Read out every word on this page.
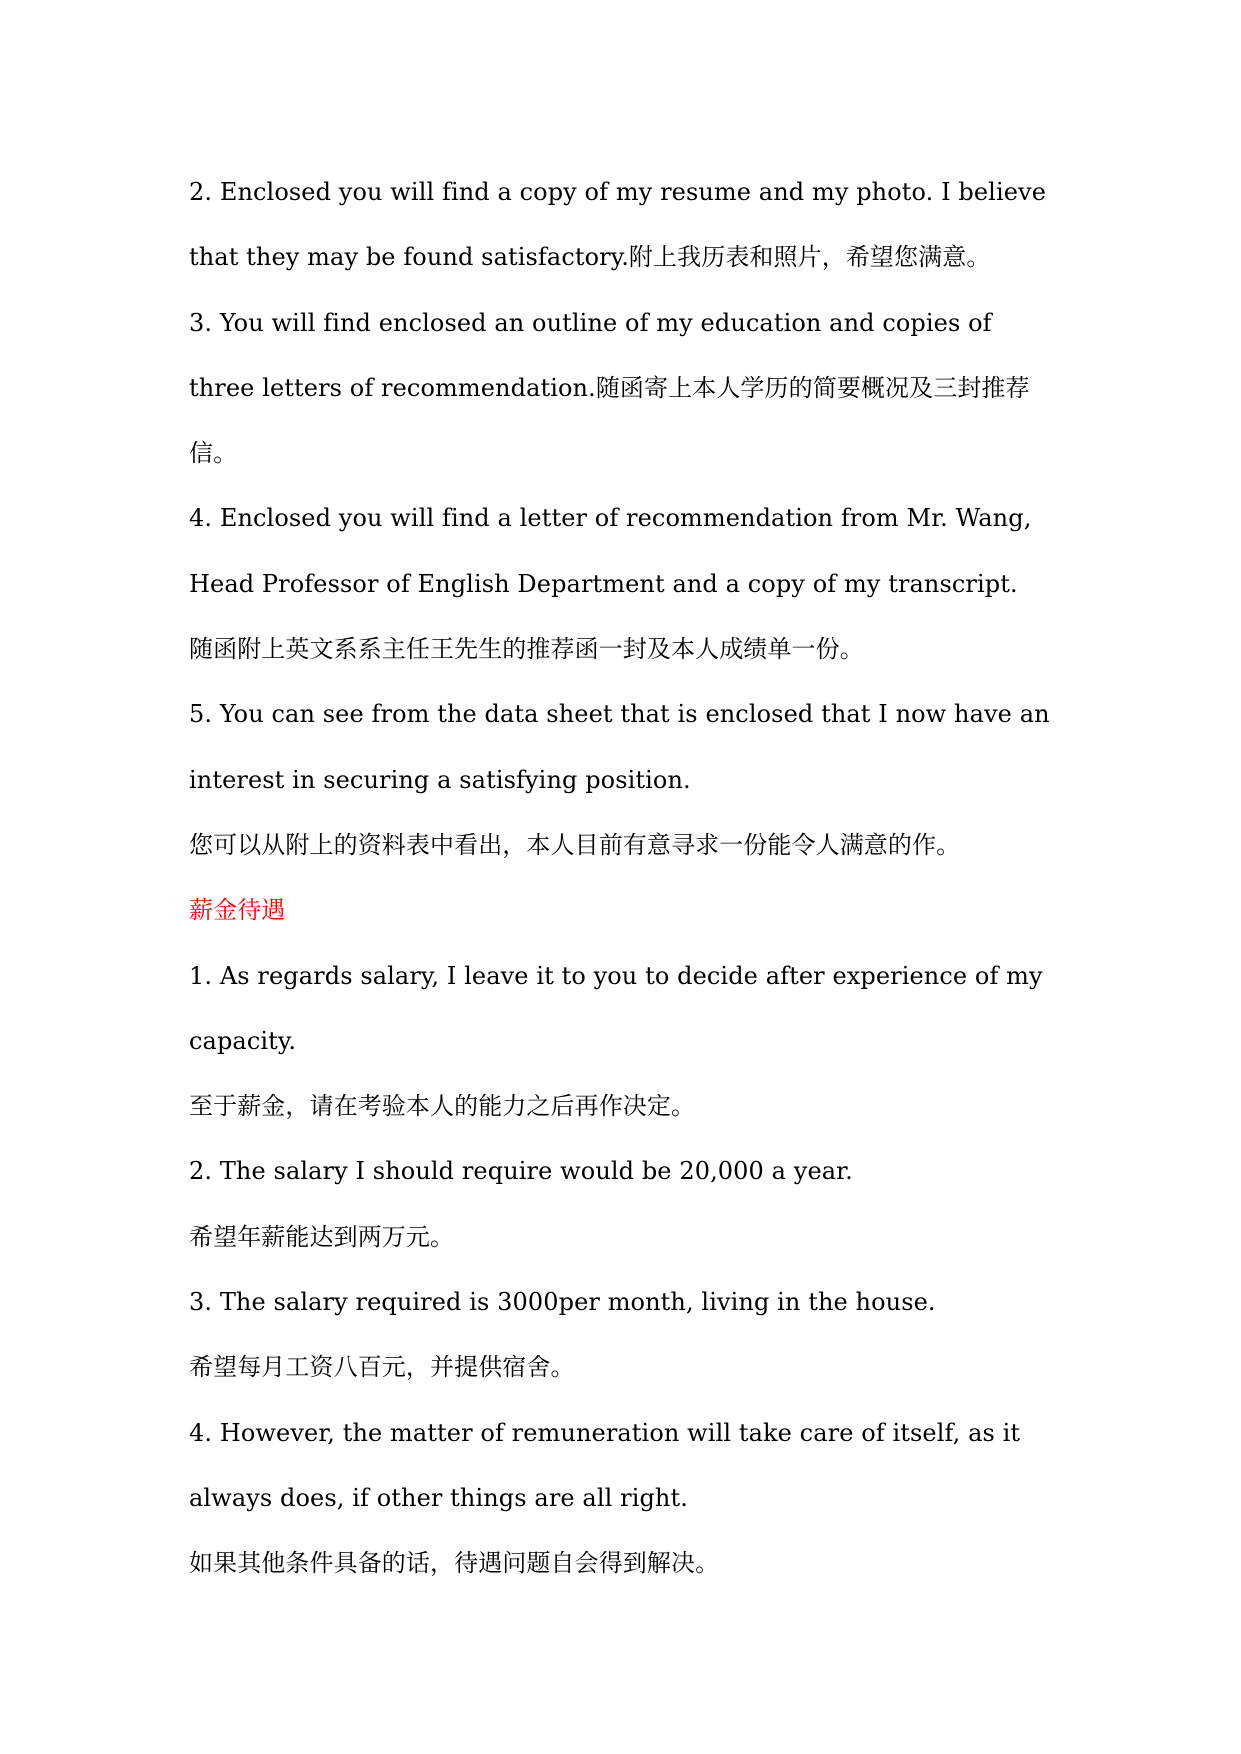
2. Enclosed you will find a copy of my resume and my photo. I believe
that they may be found satisfactory.附上我历表和照片，希望您满意。
3. You will find enclosed an outline of my education and copies of
three letters of recommendation.随函寄上本人学历的简要概况及三封推荐
信。
4. Enclosed you will find a letter of recommendation from Mr. Wang,
Head Professor of English Department and a copy of my transcript.
随函附上英文系系主任王先生的推荐函一封及本人成绩单一份。
5. You can see from the data sheet that is enclosed that I now have an
interest in securing a satisfying position.
您可以从附上的资料表中看出，本人目前有意寻求一份能令人满意的作。
薪金待遇
1. As regards salary, I leave it to you to decide after experience of my
capacity.
至于薪金，请在考验本人的能力之后再作决定。
2. The salary I should require would be 20,000 a year.
希望年薪能达到两万元。
3. The salary required is 3000per month, living in the house.
希望每月工资八百元，并提供宿舍。
4. However, the matter of remuneration will take care of itself, as it
always does, if other things are all right.
如果其他条件具备的话，待遇问题自会得到解决。
